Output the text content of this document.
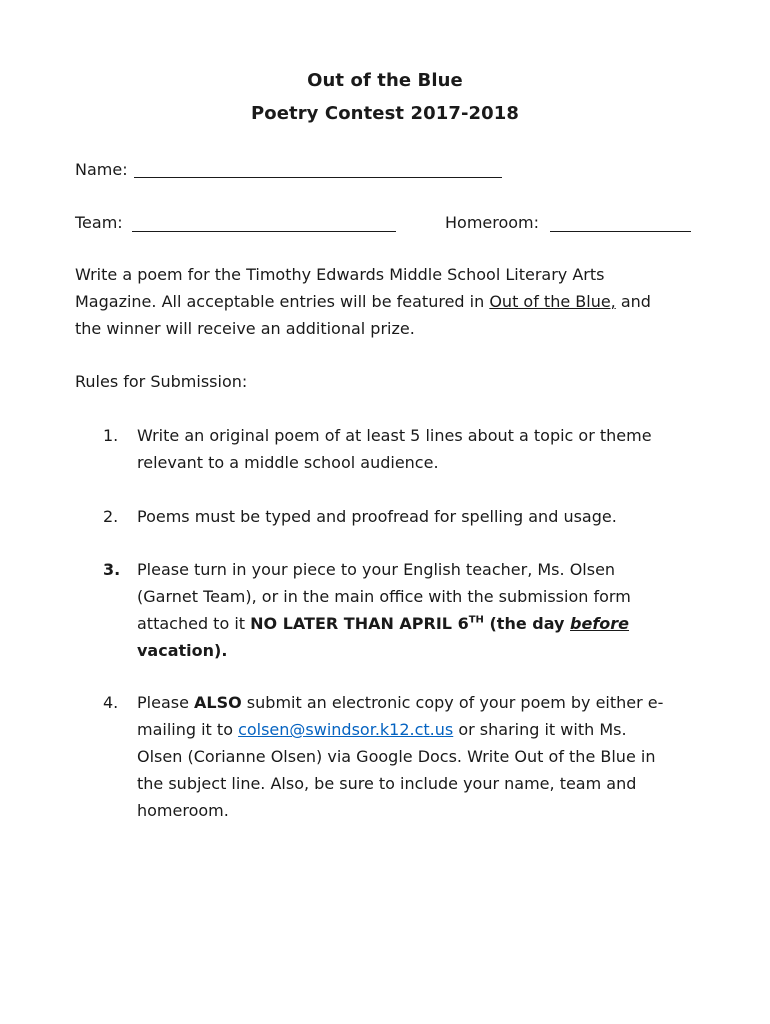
Out of the Blue
Poetry Contest 2017-2018
Name:
Team:	Homeroom:
Write a poem for the Timothy Edwards Middle School Literary Arts
Magazine. All acceptable entries will be featured in Out of the Blue, and
the winner will receive an additional prize.
Rules for Submission:
1. Write an original poem of at least 5 lines about a topic or theme
relevant to a middle school audience.
2. Poems must be typed and proofread for spelling and usage.
3. Please turn in your piece to your English teacher, Ms. Olsen
(Garnet Team), or in the main office with the submission form
attached to it NO LATER THAN APRIL 6TH (the day before
vacation).
4. Please ALSO submit an electronic copy of your poem by either e-
mailing it to colsen@swindsor.k12.ct.us or sharing it with Ms.
Olsen (Corianne Olsen) via Google Docs. Write Out of the Blue in
the subject line. Also, be sure to include your name, team and
homeroom.
